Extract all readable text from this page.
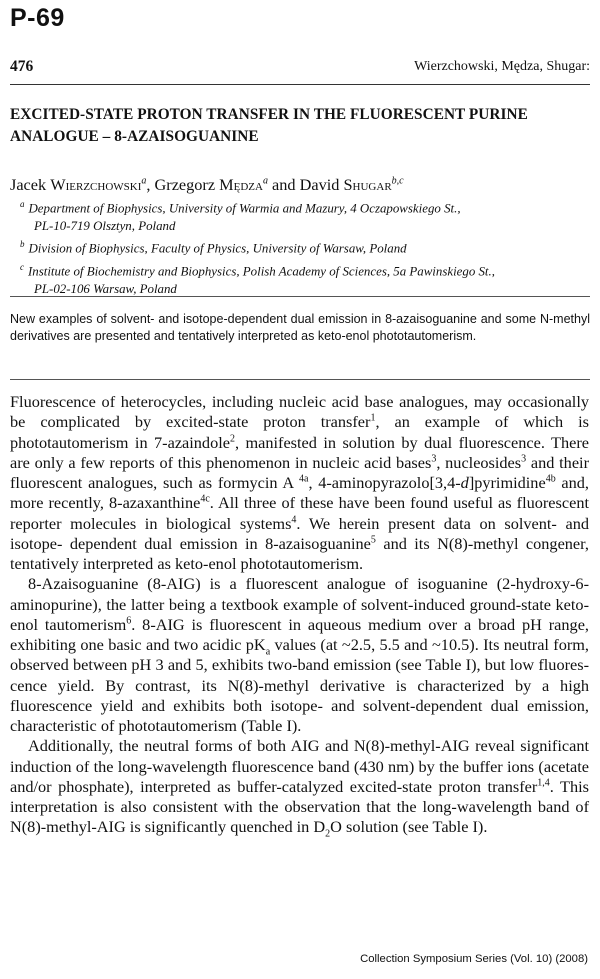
P-69
476	Wierzchowski, Mędza, Shugar:
EXCITED-STATE PROTON TRANSFER IN THE FLUORESCENT PURINE
ANALOGUE – 8-AZAISOGUANINE
Jacek Wierzchowski$^a$, Grzegorz Mędza$^a$ and David Shugar$^{b,c}$
$^a$ Department of Biophysics, University of Warmia and Mazury, 4 Oczapowskiego St.,
PL-10-719 Olsztyn, Poland
$^b$ Division of Biophysics, Faculty of Physics, University of Warsaw, Poland
$^c$ Institute of Biochemistry and Biophysics, Polish Academy of Sciences, 5a Pawinskiego St.,
PL-02-106 Warsaw, Poland
New examples of solvent- and isotope-dependent dual emission in 8-azaisoguanine and some N-methyl derivatives are presented and tentatively interpreted as keto-enol phototautomerism.

Fluorescence of heterocycles, including nucleic acid base analogues, may occasionally be complicated by excited-state proton transfer$^1$, an example of which is phototautomerism in 7-azaindole$^2$, manifested in solution by dual fluorescence. There are only a few reports of this phenomenon in nucleic acid bases$^3$, nucleosides$^3$ and their fluorescent analogues, such as formycin A $^{4a}$, 4-aminopyrazolo[3,4-d]pyrimidine$^{4b}$ and, more recently, 8-azaxanthine$^{4c}$. All three of these have been found useful as fluorescent reporter molecules in biological systems$^4$. We herein present data on solvent- and isotope- dependent dual emission in 8-azaisoguanine$^5$ and its N(8)-methyl congener, tentatively interpreted as keto-enol phototautomerism.

8-Azaisoguanine (8-AIG) is a fluorescent analogue of isoguanine (2-hydroxy-6-aminopurine), the latter being a textbook example of solvent-induced ground-state keto-enol tautomerism$^6$. 8-AIG is fluorescent in aqueous medium over a broad pH range, exhibiting one basic and two acidic $pK_a$ values (at ~2.5, 5.5 and ~10.5). Its neutral form, observed between pH 3 and 5, exhibits two-band emission (see Table I), but low fluorescence yield. By contrast, its N(8)-methyl derivative is characterized by a high fluorescence yield and exhibits both isotope- and solvent-dependent dual emission, characteristic of phototautomerism (Table I).

Additionally, the neutral forms of both AIG and N(8)-methyl-AIG reveal significant induction of the long-wavelength fluorescence band (430 nm) by the buffer ions (acetate and/or phosphate), interpreted as buffer-catalyzed excited-state proton transfer$^{1,4}$. This interpretation is also consistent with the observation that the long-wavelength band of N(8)-methyl-AIG is significantly quenched in $D_2O$ solution (see Table I).

Collection Symposium Series (Vol. 10) (2008)
